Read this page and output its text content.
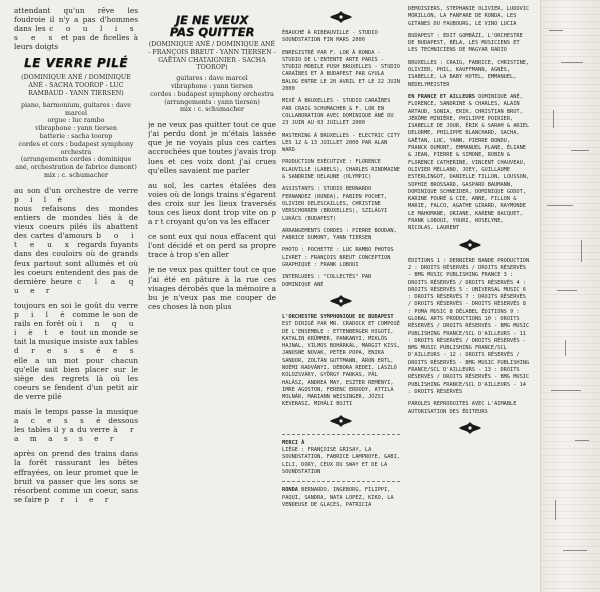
attendant qu'un rêve les foudroie il n'y a pas d'hommes dans les c o u l i s s e s et pas de ficelles à leurs doigts
LE VERRE PILÉ
(DOMINIQUE ANÉ / DOMINIQUE ANÉ - SACHA TOOROP - LUC RAMBAUD - YANN TIERSEN)
piano, harmonium, guitares : dave marcel
orgue : luc rambo
vibraphone : yann tiersen
batterie : sacha toorop
cordes et cors : budapest symphony orchestra
(arrangements cordes : dominique ané, orchestration de fabrice dumont)
mix : c. schumacher
au son d'un orchestre de verre p i l é
nous refaisons des mondes entiers de mondes liés à de vieux coeurs pilés ils abattent des cartes d'amours b o i t e u x regards fuyants dans des couloirs où de grands feux partout sont allumés et où les coeurs entendent des pas de dernière heure c l a q u e r
toujours en soi le goût du verre p i l é comme le son de rails en forêt où i n q u i è t e tout un monde se tait la musique insiste aux tables d r e s s é e s elle a un mot pour chacun qu'elle sait bien placer sur le siège des regrets là où les coeurs se fendent d'un petit air de verre pilé
mais le temps passe la musique a c e s s é dessous les tables il y a du verre à r a m a s s e r
après on prend des trains dans la forêt rassurant les bêtes effrayées, on leur promet que le bruit va passer que les sons se résorbent comme un coeur, sans se faire p r i e r
JE NE VEUX
PAS QUITTER
(DOMINIQUE ANÉ / DOMINIQUE ANÉ - FRANÇOIS BREUT - YANN TIERSEN - GAËTAN CHATAIGNIER - SACHA TOOROP)
guitares : dave marcel
vibraphone : yann tiersen
cordes : budapest symphony orchestra
(arrangements : yann tiersen)
mix : c. schumacher
je ne veux pas quitter tout ce que j'ai perdu dont je m'étais lassée que je ne voyais plus ces cartes accrochées que toutes j'avais trop lues et ces voix dont j'ai crues qu'elles savaient me parler
au sol, les cartes étalées des voies où de longs trains s'égarent des croix sur les lieux traversés tous ces lieux dont trop vite on p a r t croyant qu'on va les effacer
ce sont eux qui nous effacent qui l'ont décidé et on perd sa propre trace à trop s'en aller
je ne veux pas quitter tout ce que j'ai été en pâture à la rue ces visages dérobés que la mémoire a bu je n'veux pas me couper de ces choses là non plus
ÉBAUCHÉ À RIBEAUVILLE - STUDIO SOUNDSTATION FIN MARS 2000
ENREGISTRÉ PAR F. LOR À RONDA - STUDIO DE L'ENTENTE ARTE PARIS - STUDIO MOBILE PUSH BRUXELLES - STUDIO CARAÏBES ET À BUDAPEST PAR GYULA BALOG ENTRE LE 20 AVRIL ET LE 22 JUIN 2000
MIXÉ À BRUXELLES - STUDIO CARAÏBES PAR CRAIG SCHUMACHER & F. LOR EN COLLABORATION AVEC DOMINIQUE ANÉ DU 23 JUIN AU 03 JUILLET 2000
MASTERING À BRUXELLES - ELECTRIC CITY LES 12 & 13 JUILLET 2000 PAR ALAN WARD
PRODUCTION EXÉCUTIVE : FLORENCE KLAUVILLE (LABELS), CHARLES RINDMAINE & SANDRINE DELAUNE (OLYMPIC)
ASSISTANTS : STUDIO BERNARDO FERNANDEZ (RONDA), FABIEN POCHET, OLIVIER DELESCAILLES, CHRISTINE VERSCHORREN (BRUXELLES), SZILÁGYI LUKÁCS (BUDAPEST)
ARRANGEMENTS CORDES : PIERRE BOUDAN, FABRICE DUMONT, YANN TIERSEN
PHOTO : POCHETTE : LUC RAMBO PHOTOS LIVRET : FRANÇOIS BREUT CONCEPTION GRAPHIQUE : FRANK LOBOUI
INTERLUDES : "COLLECTÉS" PAR DOMINIQUE ANÉ
L'ORCHESTRE SYMPHONIQUE DE BUDAPEST EST DIRIGÉ PAR MR. CRADOCK ET COMPOSÉ DE L'ENSEMBLE : ETTENBERGER HIGOTI, KATALIN KRÜMMER, PANKANYI, MIKLÓS HAJNAL, VILMOS BOHÁRKÁL, MARGIT KISS, JANOSNE NOVAK, PETER POPA, ENIKA SANDOR, ZOLTÁN GUTTMANN, ÁRON ERTL, NOÉMI RADVÁNYI, DÉBORA REDEI, LÁSZLÓ KOLOZSVÁRY, GYÖRGY FARKAS, PÁL HALÁSZ, ANDREA MAY, ESZTER REMÉNYI, IMRE AGOSTON, FERENC ERDODY, ATTILA MOLNÁR, MARIANN WEISINGER, JÓZSI KEVERASZ, MIHÁLI BOJTI
MERCI À
LIÈGE : FRANÇOISE GRISAY, LA SOUNDSTATION, FABRICE LAMPROYE, GABI, LILI, DORY, CEUX DU SWAY ET DE LA SOUNDSTATION
RONDA BERNARDO, INGEBORG, FILIPPI, PAQUI, SANDRA, NATA LOPEZ, KIKO, LA VENDEUSE DE GLACES, PATRICIA
DEMOISIERS, STÉPHANIE OLIVIER, LUDOVIC MORILLON, LA FANFARE DE RONDA, LES GITANES DU FAUBOURG, LE VINO LUCIA
BUDAPEST : EDIT GOMBÁZI, L'ORCHESTRE DE BUDAPEST, BÉLA, LES MUSICIENS ET LES TECHNICIENS DE MAGYAR RADIO
BRUXELLES : CRAIG, FABRICE, CHRISTINE, OLIVIER, PHIL, KAUFFMANN, AGNÈS, ISABELLE, LA BABY HOTEL, EMMANUEL, NEDELYMEISTER
EN FRANCE ET AILLEURS DOMINIQUE ANÉ, FLORENCE, SANDRINE & CHARLES, ALAIN ARTAUD, SONIA, ERIK, CHRISTIAN BRUT, JÉRÔME MINIÈRE, PHILIPPE POIRIER, ISABELLE DE JOUR, ÉRIK & SARAH & ARIEL DELORME, PHILIPPE BLANCHARD, SACHA, GAËTAN, LUC, YANN, PIERRE BONDU, FRANCK DUMONT, EMMANUEL PLANE, ÉLIANE & JEAN, PIERRE & SIMONE, ROBIN & FLORENCE CATHERINE, VINCENT CHAUVEAU, OLIVIER MELLANO, JOEY, GUILLAUME ESTERLINGOT, DANIELLE TILLON, LOUSSON, SOPHIE BROSSARD, GASPARD BAUMANN, DOMINIQUE SCHNEIDER, DOMINIQUE GODOT, KARINE FOURÉ & CIE, ANNE, FILLON & MARIE, FALCO, AGATHE GIRARD, RAYMONDE LE MAHOMANE, ORIANE, KARENE BACQUET, FRANK LOBOUI, YOURI, ROSELYNE, NICOLAS, LAURENT
ÉDITIONS 1 : DERNIÈRE BANDE PRODUCTION 2 : DROITS RÉSERVÉS / DROITS RÉSERVÉS - BMG MUSIC PUBLISHING FRANCE 3 : DROITS RÉSERVÉS / DROITS RÉSERVÉS 4 : DROITS RÉSERVÉS 5 : UNIVERSAL MUSIC 6 : DROITS RÉSERVÉS 7 : DROITS RÉSERVÉS / DROITS RÉSERVÉS - DROITS RÉSERVÉS 8 : POMA MUSIC 8 DÉLABEL ÉDITIONS 9 : GLOBAL ARTS PRODUCTIONS 10 : DROITS RÉSERVÉS / DROITS RÉSERVÉS - BMG MUSIC PUBLISHING FRANCE/SCL D'AILLEURS - 11 : DROITS RÉSERVÉS / DROITS RÉSERVÉS - BMG MUSIC PUBLISHING FRANCE/SCL D'AILLEURS - 12 : DROITS RÉSERVÉS / DROITS RÉSERVÉS - BMG MUSIC PUBLISHING FRANCE/SCL D'AILLEURS - 13 : DROITS RÉSERVÉS / DROITS RÉSERVÉS - BMG MUSIC PUBLISHING FRANCE/SCL D'AILLEURS - 14 : DROITS RÉSERVÉS
PAROLES REPRODUITES AVEC L'AIMABLE AUTORISATION DES ÉDITEURS
